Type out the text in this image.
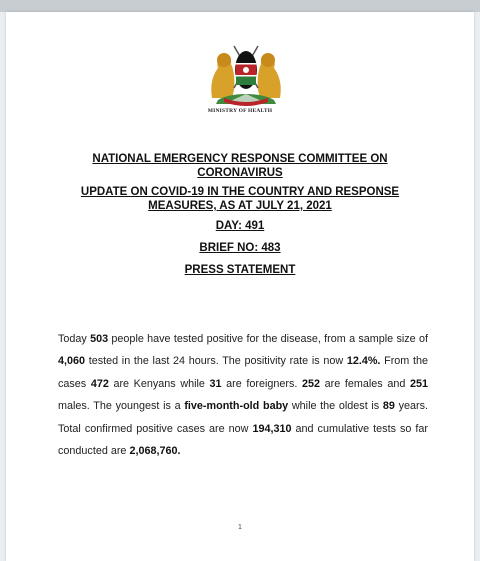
MINISTRY OF HEALTH
NATIONAL EMERGENCY RESPONSE COMMITTEE ON CORONAVIRUS
UPDATE ON COVID-19 IN THE COUNTRY AND RESPONSE MEASURES, AS AT JULY 21, 2021
DAY: 491
BRIEF NO: 483
PRESS STATEMENT

Today 503 people have tested positive for the disease, from a sample size of 4,060 tested in the last 24 hours. The positivity rate is now 12.4%. From the cases 472 are Kenyans while 31 are foreigners. 252 are females and 251 males. The youngest is a five-month-old baby while the oldest is 89 years. Total confirmed positive cases are now 194,310 and cumulative tests so far conducted are 2,068,760.

1
